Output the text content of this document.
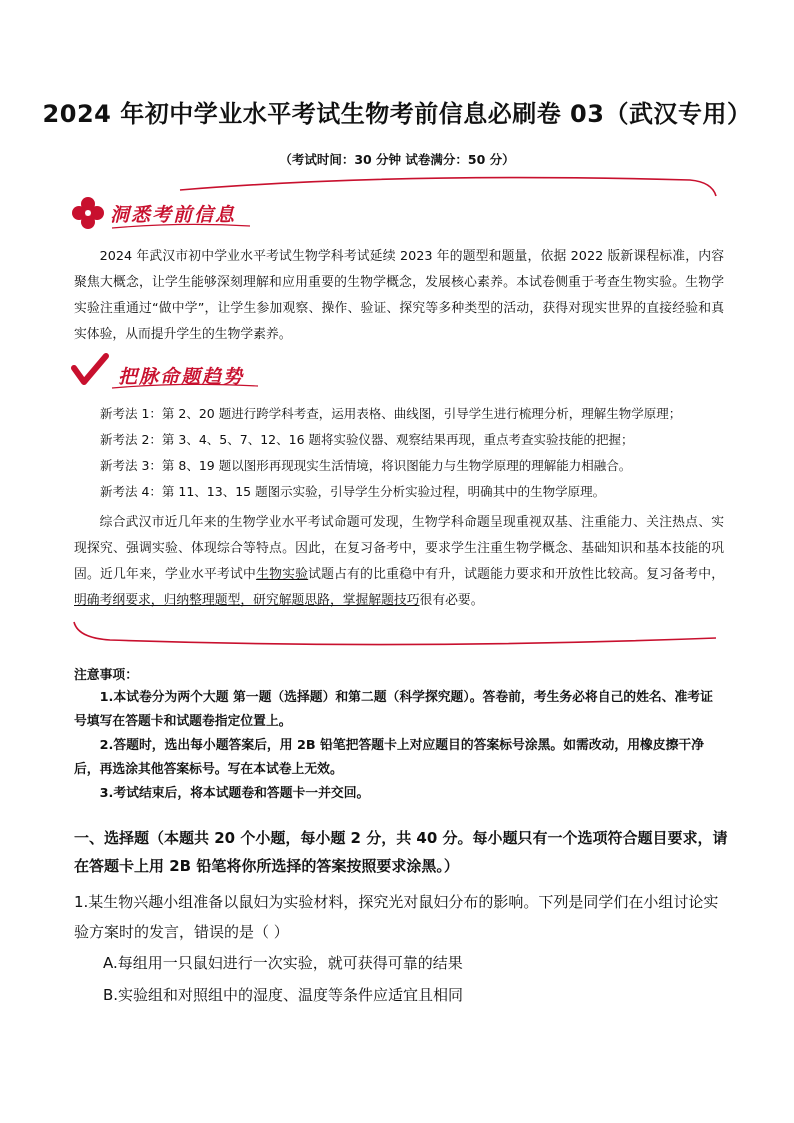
2024 年初中学业水平考试生物考前信息必刷卷 03（武汉专用）
（考试时间：30 分钟 试卷满分：50 分）
洞悉考前信息

2024 年武汉市初中学业水平考试生物学科考试延续 2023 年的题型和题量，依据 2022 版新课程标准，内容聚焦大概念，让学生能够深刻理解和应用重要的生物学概念，发展核心素养。本试卷侧重于考查生物实验。生物学实验注重通过“做中学”，让学生参加观察、操作、验证、探究等多种类型的活动，获得对现实世界的直接经验和真实体验，从而提升学生的生物学素养。

把脉命题趋势
新考法 1：第 2、20 题进行跨学科考查，运用表格、曲线图，引导学生进行梳理分析，理解生物学原理；
新考法 2：第 3、4、5、7、12、16 题将实验仪器、观察结果再现，重点考查实验技能的把握；
新考法 3：第 8、19 题以图形再现现实生活情境，将识图能力与生物学原理的理解能力相融合。
新考法 4：第 11、13、15 题图示实验，引导学生分析实验过程，明确其中的生物学原理。

综合武汉市近几年来的生物学业水平考试命题可发现，生物学科命题呈现重视双基、注重能力、关注热点、实现探究、强调实验、体现综合等特点。因此，在复习备考中，要求学生注重生物学概念、基础知识和基本技能的巩固。近几年来，学业水平考试中生物实验试题占有的比重稳中有升，试题能力要求和开放性比较高。复习备考中，明确考纲要求，归纳整理题型，研究解题思路，掌握解题技巧很有必要。

注意事项：

1.本试卷分为两个大题 第一题（选择题）和第二题（科学探究题）。答卷前，考生务必将自己的姓名、准考证号填写在答题卡和试题卷指定位置上。

2.答题时，选出每小题答案后，用 2B 铅笔把答题卡上对应题目的答案标号涂黑。如需改动，用橡皮擦干净后，再选涂其他答案标号。写在本试卷上无效。

3.考试结束后，将本试题卷和答题卡一并交回。

一、选择题（本题共 20 个小题，每小题 2 分，共 40 分。每小题只有一个选项符合题目要求，请在答题卡上用 2B 铅笔将你所选择的答案按照要求涂黑。）
1.某生物兴趣小组准备以鼠妇为实验材料，探究光对鼠妇分布的影响。下列是同学们在小组讨论实验方案时的发言，错误的是（ ）
A.每组用一只鼠妇进行一次实验，就可获得可靠的结果
B.实验组和对照组中的湿度、温度等条件应适宜且相同
